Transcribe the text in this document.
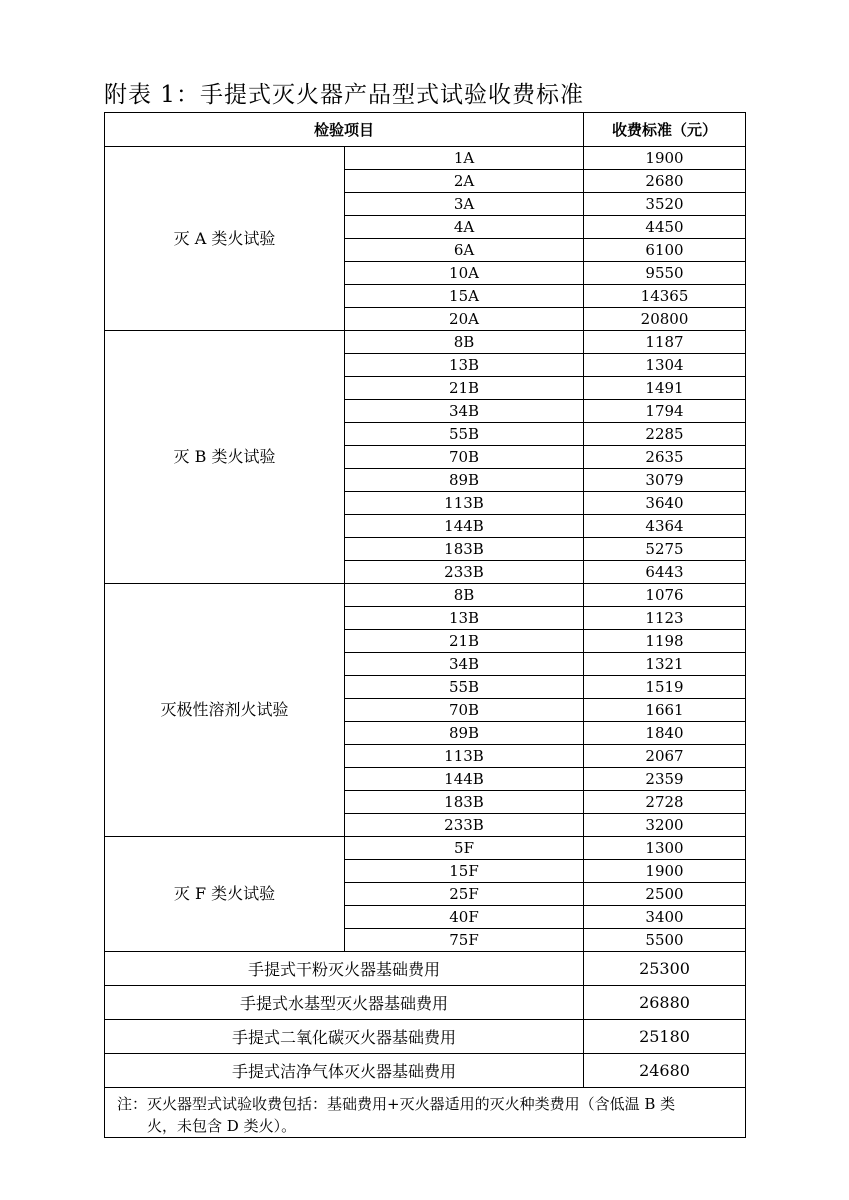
附表 1：手提式灭火器产品型式试验收费标准
检验项目		收费标准（元）
灭 A 类火试验	1A	1900
	2A	2680
	3A	3520
	4A	4450
	6A	6100
	10A	9550
	15A	14365
	20A	20800
灭 B 类火试验	8B	1187
	13B	1304
	21B	1491
	34B	1794
	55B	2285
	70B	2635
	89B	3079
	113B	3640
	144B	4364
	183B	5275
	233B	6443
灭极性溶剂火试验	8B	1076
	13B	1123
	21B	1198
	34B	1321
	55B	1519
	70B	1661
	89B	1840
	113B	2067
	144B	2359
	183B	2728
	233B	3200
灭 F 类火试验	5F	1300
	15F	1900
	25F	2500
	40F	3400
	75F	5500
手提式干粉灭火器基础费用		25300
手提式水基型灭火器基础费用		26880
手提式二氧化碳灭火器基础费用		25180
手提式洁净气体灭火器基础费用		24680

注：灭火器型式试验收费包括：基础费用+灭火器适用的灭火种类费用（含低温 B 类
火，未包含 D 类火）。		
